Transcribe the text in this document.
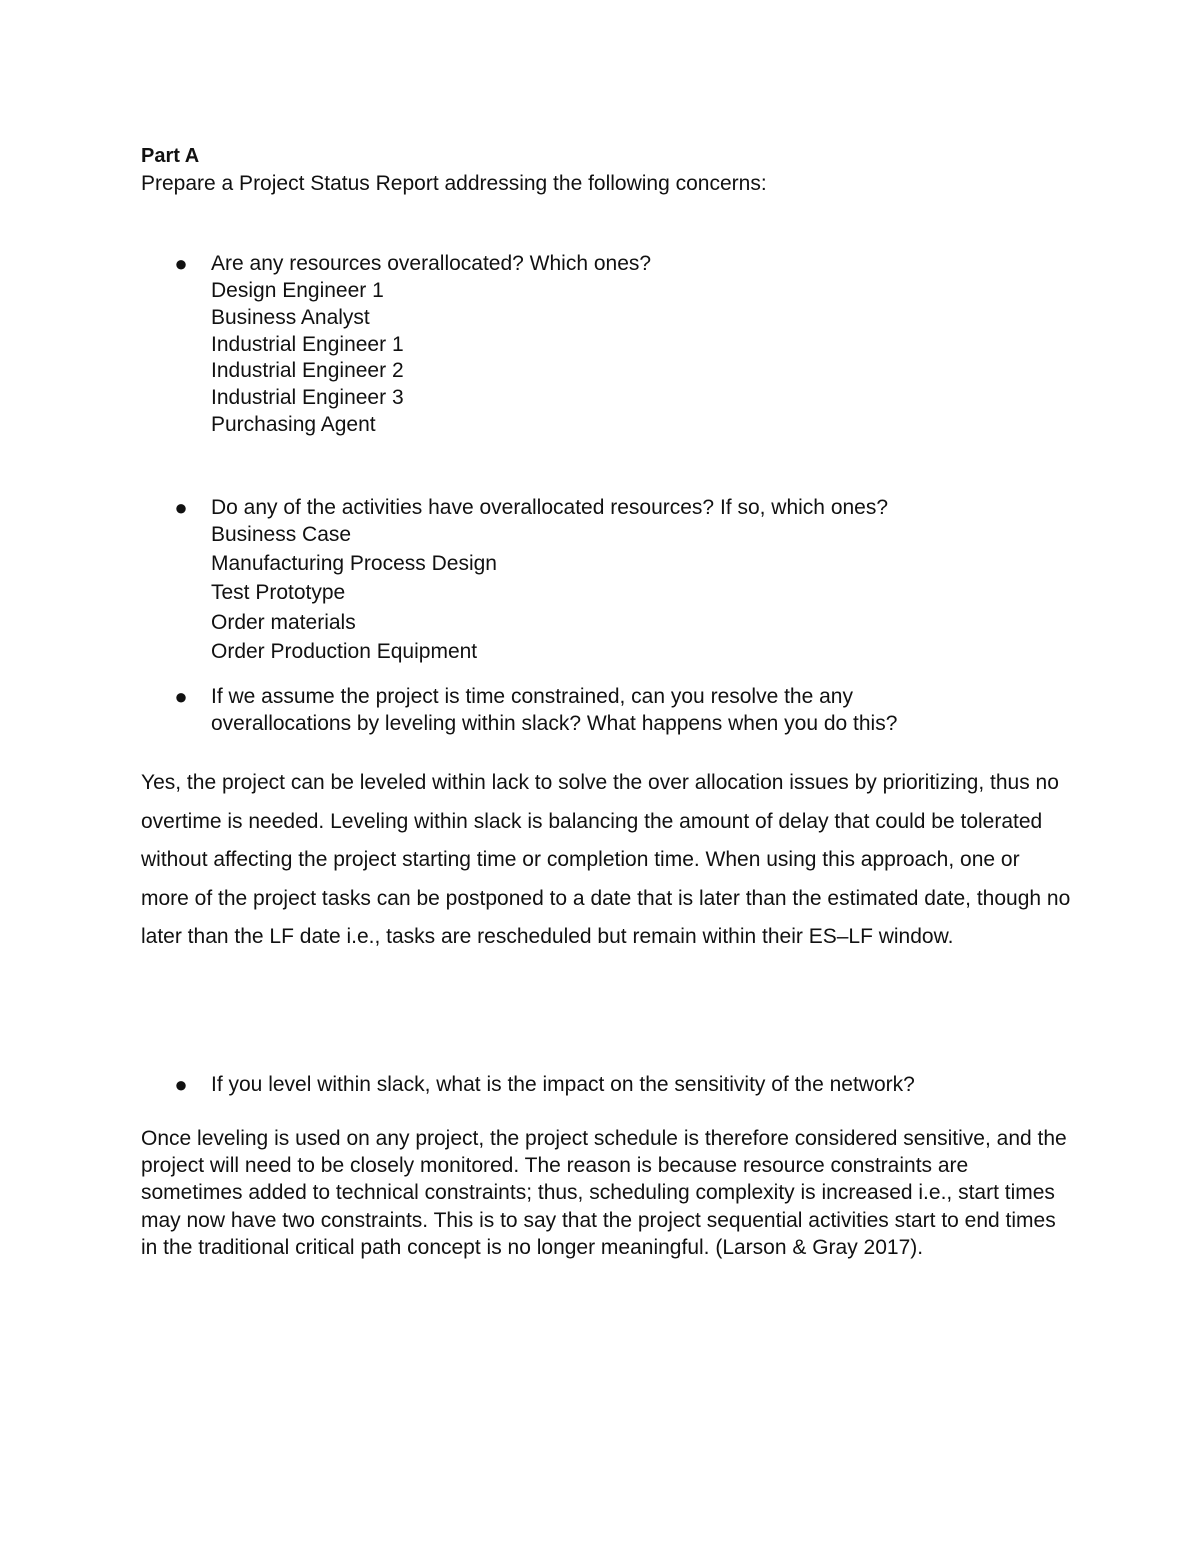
Part A

Prepare a Project Status Report addressing the following concerns:

● Are any resources overallocated? Which ones?

Design Engineer 1
Business Analyst
Industrial Engineer 1
Industrial Engineer 2
Industrial Engineer 3
Purchasing Agent
● Do any of the activities have overallocated resources? If so, which ones?

Business Case
Manufacturing Process Design
Test Prototype
Order materials
Order Production Equipment
● If we assume the project is time constrained, can you resolve the any

overallocations by leveling within slack? What happens when you do this?

Yes, the project can be leveled within lack to solve the over allocation issues by prioritizing, thus no overtime is needed. Leveling within slack is balancing the amount of delay that could be tolerated without affecting the project starting time or completion time. When using this approach, one or more of the project tasks can be postponed to a date that is later than the estimated date, though no later than the LF date i.e., tasks are rescheduled but remain within their ES–LF window.

● If you level within slack, what is the impact on the sensitivity of the network?

Once leveling is used on any project, the project schedule is therefore considered sensitive, and the project will need to be closely monitored. The reason is because resource constraints are sometimes added to technical constraints; thus, scheduling complexity is increased i.e., start times may now have two constraints. This is to say that the project sequential activities start to end times in the traditional critical path concept is no longer meaningful. (Larson & Gray 2017).
